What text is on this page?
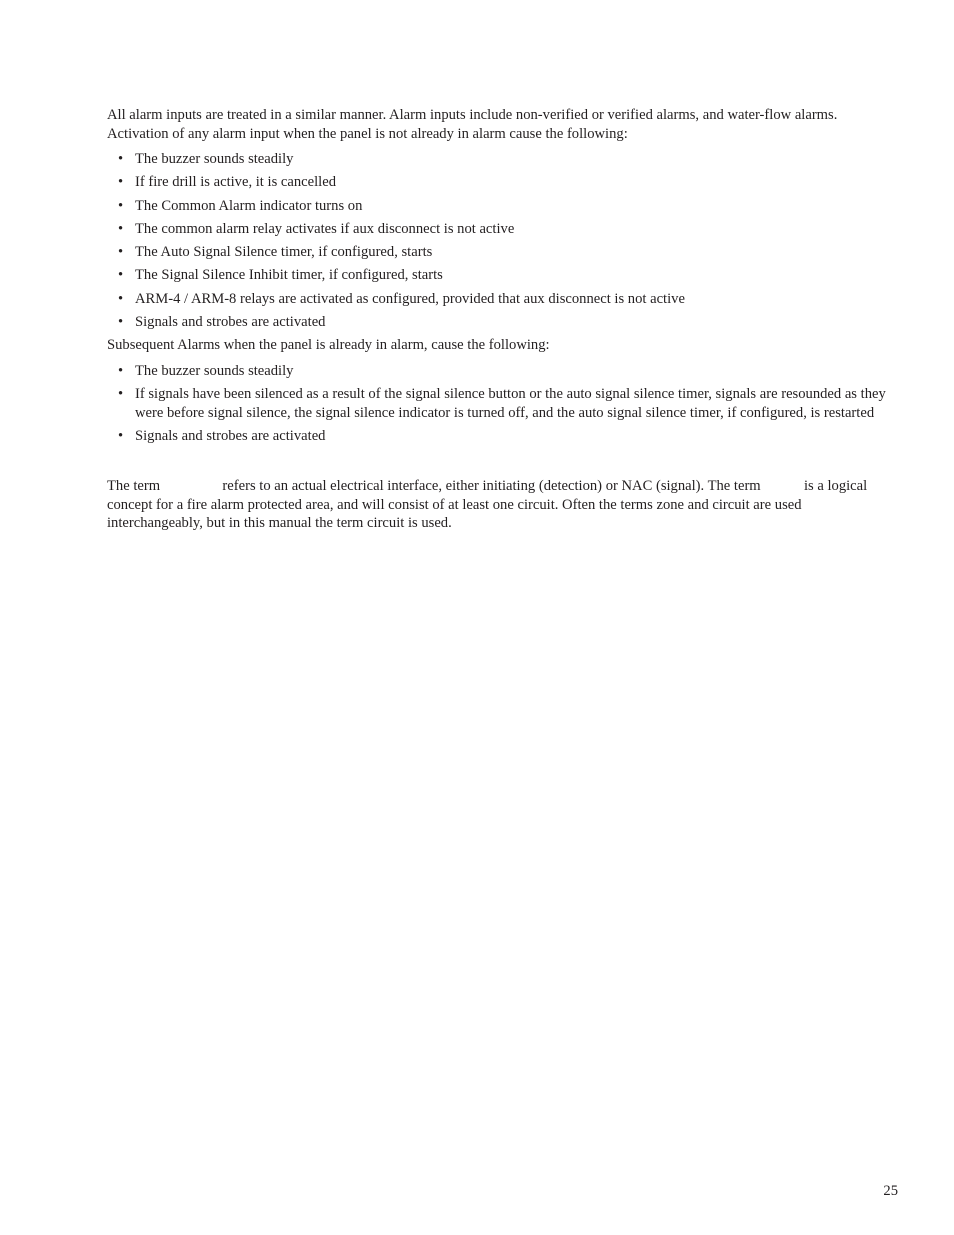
All alarm inputs are treated in a similar manner. Alarm inputs include non-verified or verified alarms, and water-flow alarms. Activation of any alarm input when the panel is not already in alarm cause the following:

• The buzzer sounds steadily
• If fire drill is active, it is cancelled
• The Common Alarm indicator turns on
• The common alarm relay activates if aux disconnect is not active
• The Auto Signal Silence timer, if configured, starts
• The Signal Silence Inhibit timer, if configured, starts
• ARM-4 / ARM-8 relays are activated as configured, provided that aux disconnect is not active
• Signals and strobes are activated

Subsequent Alarms when the panel is already in alarm, cause the following:

• The buzzer sounds steadily
• If signals have been silenced as a result of the signal silence button or the auto signal silence timer, signals are resounded as they were before signal silence, the signal silence indicator is turned off, and the auto signal silence timer, if configured, is restarted
• Signals and strobes are activated

The term	refers to an actual electrical interface, either initiating (detection) or NAC (signal). The term	is a logical concept for a fire alarm protected area, and will consist of at least one circuit. Often the terms zone and circuit are used interchangeably, but in this manual the term circuit is used.

25
